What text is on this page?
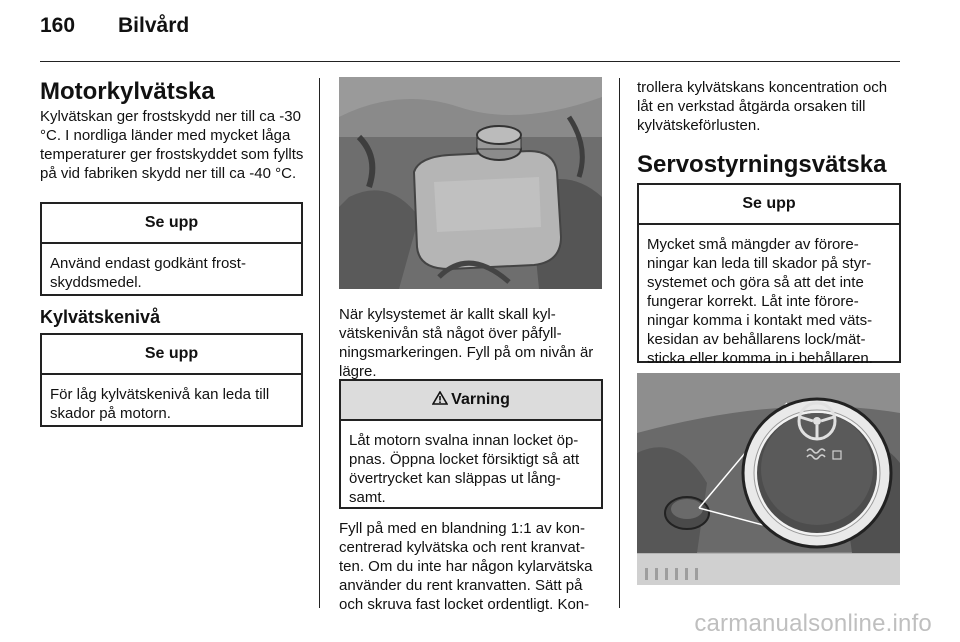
160 Bilvård
Motorkylvätska

Kylvätskan ger frostskydd ner till ca -30 °C. I nordliga länder med mycket låga temperaturer ger frostskyddet som fyllts på vid fabriken skydd ner till ca -40 °C.

Se upp
Använd endast godkänt frost-skyddsmedel.
Kylvätskenivå
Se upp
För låg kylvätskenivå kan leda till skador på motorn.

När kylsystemet är kallt skall kyl-vätskenivån stå något över påfyll-ningsmarkeringen. Fyll på om nivån är lägre.

Varning
Låt motorn svalna innan locket öp-pnas. Öppna locket försiktigt så att övertrycket kan släppas ut lång-samt.

Fyll på med en blandning 1:1 av kon-centrerad kylvätska och rent kranvat-ten. Om du inte har någon kylarvätska använder du rent kranvatten. Sätt på och skruva fast locket ordentligt. Kon-

trollera kylvätskans koncentration och låt en verkstad åtgärda orsaken till kylvätskeförlusten.

Servostyrningsvätska
Se upp
Mycket små mängder av förore-ningar kan leda till skador på styr-systemet och göra så att det inte fungerar korrekt. Låt inte förore-ningar komma i kontakt med väts-kesidan av behållarens lock/mät-sticka eller komma in i behållaren.
carmanualsonline.info
